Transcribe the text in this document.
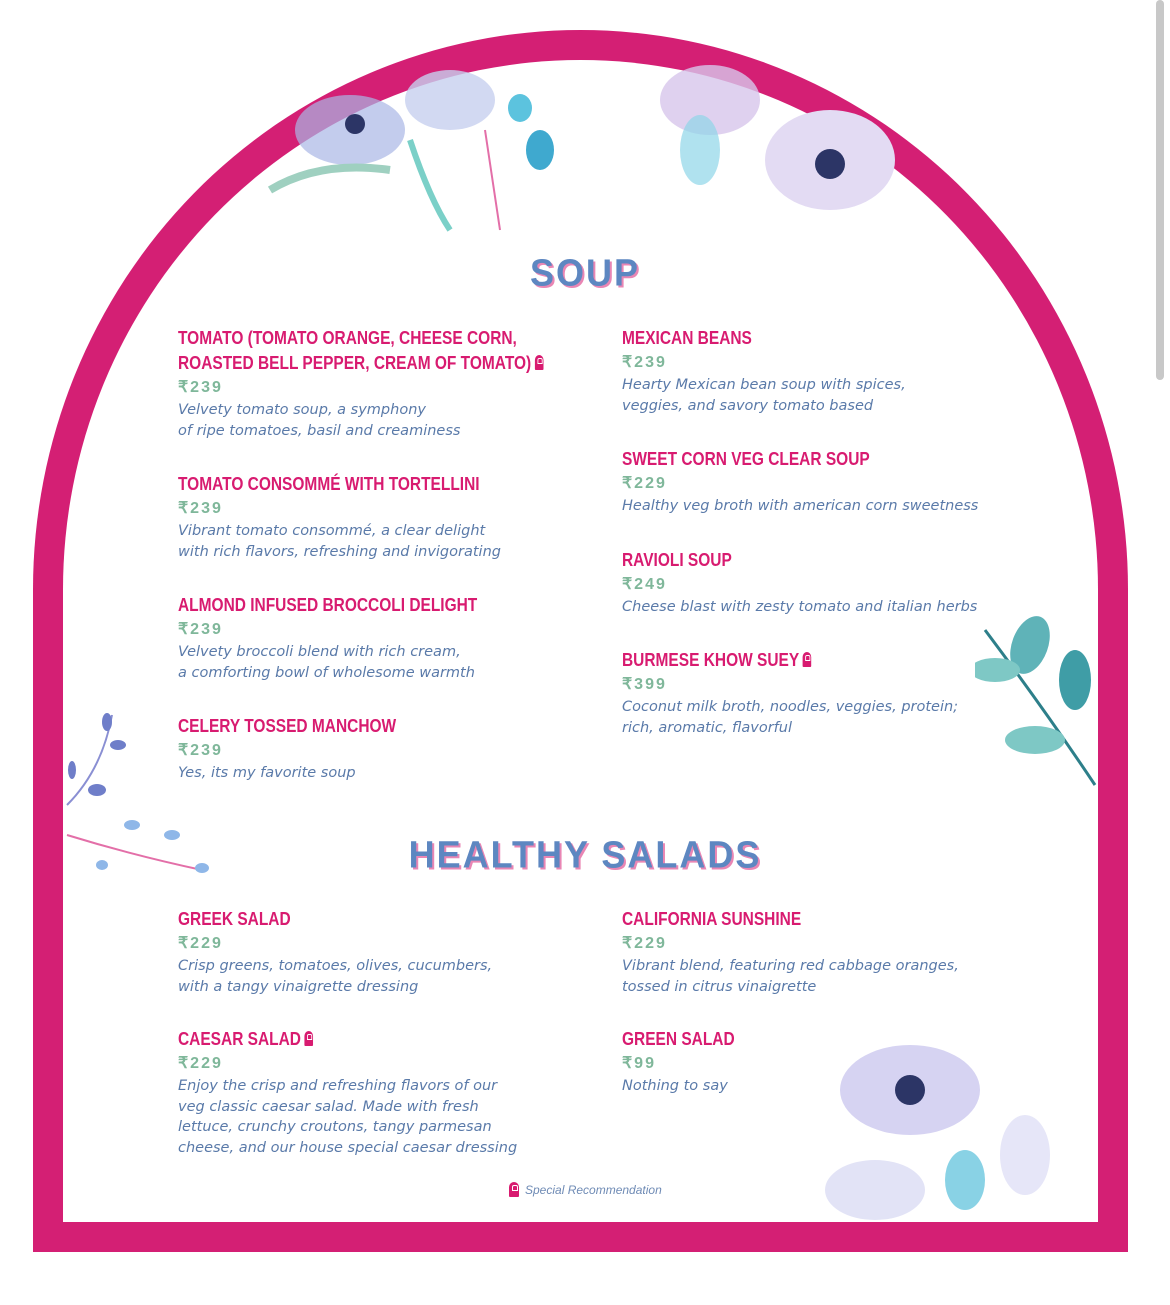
SOUP
TOMATO (TOMATO ORANGE, CHEESE CORN,
ROASTED BELL PEPPER, CREAM OF TOMATO)
₹239
Velvety tomato soup, a symphony
of ripe tomatoes, basil and creaminess
TOMATO CONSOMMÉ WITH TORTELLINI
₹239
Vibrant tomato consommé, a clear delight
with rich flavors, refreshing and invigorating
ALMOND INFUSED BROCCOLI DELIGHT
₹239
Velvety broccoli blend with rich cream,
a comforting bowl of wholesome warmth
CELERY TOSSED MANCHOW
₹239
Yes, its my favorite soup
MEXICAN BEANS
₹239
Hearty Mexican bean soup with spices,
veggies, and savory tomato based
SWEET CORN VEG CLEAR SOUP
₹229
Healthy veg broth with american corn sweetness
RAVIOLI SOUP
₹249
Cheese blast with zesty tomato and italian herbs
BURMESE KHOW SUEY
₹399
Coconut milk broth, noodles, veggies, protein;
rich, aromatic, flavorful
HEALTHY SALADS
GREEK SALAD
₹229
Crisp greens, tomatoes, olives, cucumbers,
with a tangy vinaigrette dressing
CAESAR SALAD
₹229
Enjoy the crisp and refreshing flavors of our
veg classic caesar salad. Made with fresh
lettuce, crunchy croutons, tangy parmesan
cheese, and our house special caesar dressing
CALIFORNIA SUNSHINE
₹229
Vibrant blend, featuring red cabbage oranges,
tossed in citrus vinaigrette
GREEN SALAD
₹99
Nothing to say
Special Recommendation
